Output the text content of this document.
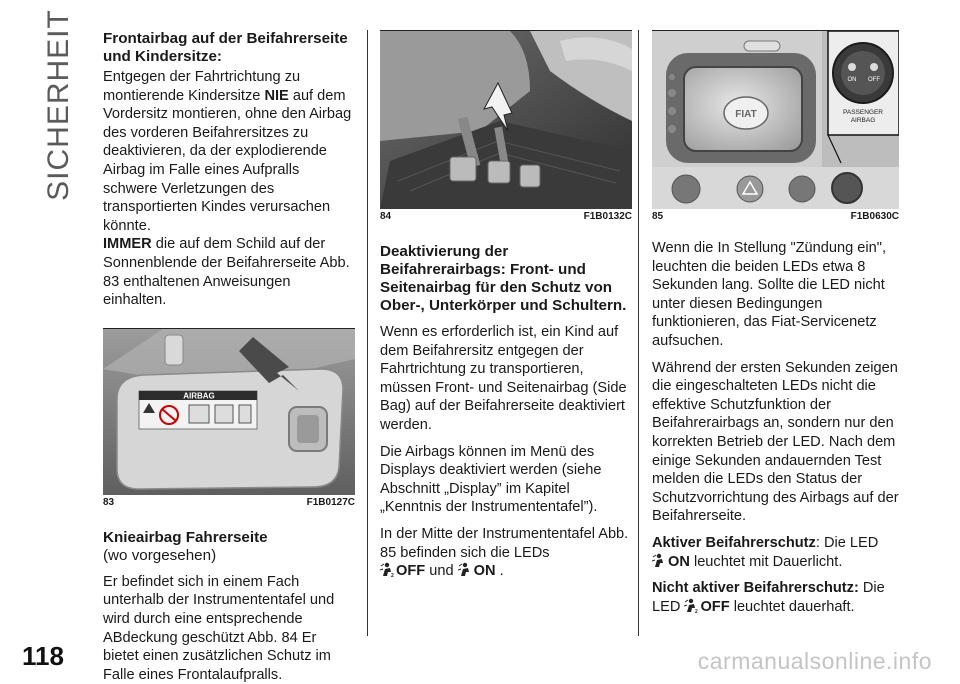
SICHERHEIT
118	carmanualsonline.info

Frontairbag auf der Beifahrerseite und Kindersitze:

Entgegen der Fahrtrichtung zu montierende Kindersitze NIE auf dem Vordersitz montieren, ohne den Airbag des vorderen Beifahrersitzes zu deaktivieren, da der explodierende Airbag im Falle eines Aufpralls schwere Verletzungen des transportierten Kindes verursachen könnte.

IMMER die auf dem Schild auf der Sonnenblende der Beifahrerseite Abb. 83 enthaltenen Anweisungen einhalten.

AIRBAG
83	F1B0127C

Knieairbag Fahrerseite
(wo vorgesehen)

Er befindet sich in einem Fach unterhalb der Instrumententafel und wird durch eine entsprechende ABdeckung geschützt Abb. 84 Er bietet einen zusätzlichen Schutz im Falle eines Frontalaufpralls.

84	F1B0132C

Deaktivierung der Beifahrerairbags: Front- und Seitenairbag für den Schutz von Ober-, Unterkörper und Schultern.

Wenn es erforderlich ist, ein Kind auf dem Beifahrersitz entgegen der Fahrtrichtung zu transportieren, müssen Front- und Seitenairbag (Side Bag) auf der Beifahrerseite deaktiviert werden.

Die Airbags können im Menü des Displays deaktiviert werden (siehe Abschnitt „Display” im Kapitel „Kenntnis der Instrumententafel”).

In der Mitte der Instrumententafel Abb. 85 befinden sich die LEDs

2 OFF und ON .

FIAT
ON OFF
PASSENGER
AIRBAG
85	F1B0630C

Wenn die In Stellung "Zündung ein", leuchten die beiden LEDs etwa 8 Sekunden lang. Sollte die LED nicht unter diesen Bedingungen funktionieren, das Fiat-Servicenetz aufsuchen.

Während der ersten Sekunden zeigen die eingeschalteten LEDs nicht die effektive Schutzfunktion der Beifahrerairbags an, sondern nur den korrekten Betrieb der LED. Nach dem einige Sekunden andauernden Test melden die LEDs den Status der Schutzvorrichtung des Airbags auf der Beifahrerseite.

Aktiver Beifahrerschutz: Die LED
ON leuchtet mit Dauerlicht.

Nicht aktiver Beifahrerschutz: Die LED	2 OFF leuchtet dauerhaft.
